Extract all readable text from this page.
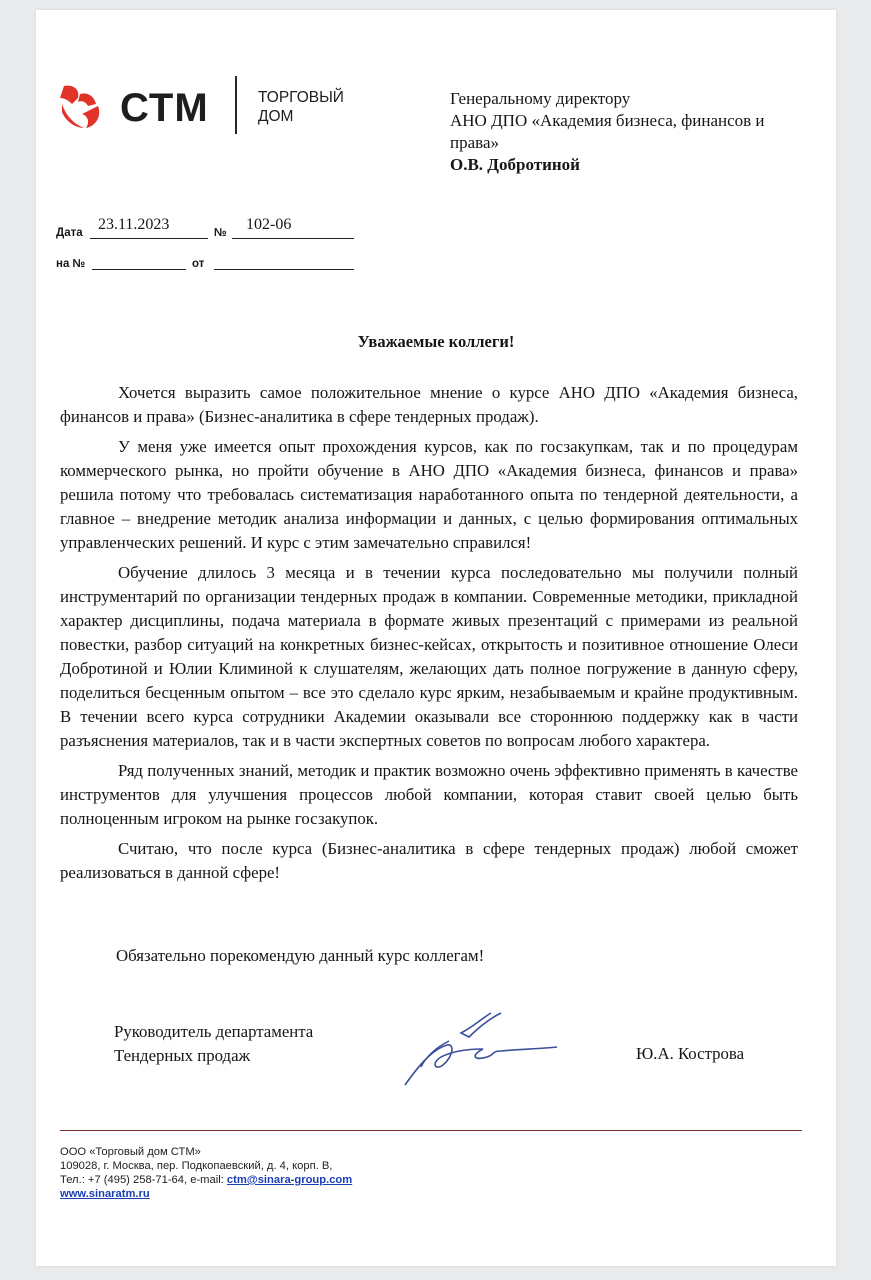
СТМ	ТОРГОВЫЙ
ДОМ
Генеральному директору
АНО ДПО «Академия бизнеса, финансов и
права»
О.В. Добротиной
Дата 23.11.2023	№ 102-06
на №	от
Уважаемые коллеги!

Хочется выразить самое положительное мнение о курсе АНО ДПО «Академия бизнеса, финансов и права» (Бизнес-аналитика в сфере тендерных продаж).

У меня уже имеется опыт прохождения курсов, как по госзакупкам, так и по процедурам коммерческого рынка, но пройти обучение в АНО ДПО «Академия бизнеса, финансов и права» решила потому что требовалась систематизация наработанного опыта по тендерной деятельности, а главное – внедрение методик анализа информации и данных, с целью формирования оптимальных управленческих решений. И курс с этим замечательно справился!

Обучение длилось 3 месяца и в течении курса последовательно мы получили полный инструментарий по организации тендерных продаж в компании. Современные методики, прикладной характер дисциплины, подача материала в формате живых презентаций с примерами из реальной повестки, разбор ситуаций на конкретных бизнес-кейсах, открытость и позитивное отношение Олеси Добротиной и Юлии Климиной к слушателям, желающих дать полное погружение в данную сферу, поделиться бесценным опытом – все это сделало курс ярким, незабываемым и крайне продуктивным. В течении всего курса сотрудники Академии оказывали все стороннюю поддержку как в части разъяснения материалов, так и в части экспертных советов по вопросам любого характера.

Ряд полученных знаний, методик и практик возможно очень эффективно применять в качестве инструментов для улучшения процессов любой компании, которая ставит своей целью быть полноценным игроком на рынке госзакупок.

Считаю, что после курса (Бизнес-аналитика в сфере тендерных продаж) любой сможет реализоваться в данной сфере!

Обязательно порекомендую данный курс коллегам!
Руководитель департамента
Тендерных продаж	Ю.А. Кострова
ООО «Торговый дом СТМ»
109028, г. Москва, пер. Подкопаевский, д. 4, корп. В,
Тел.: +7 (495) 258-71-64, e-mail: ctm@sinara-group.com
www.sinaratm.ru
